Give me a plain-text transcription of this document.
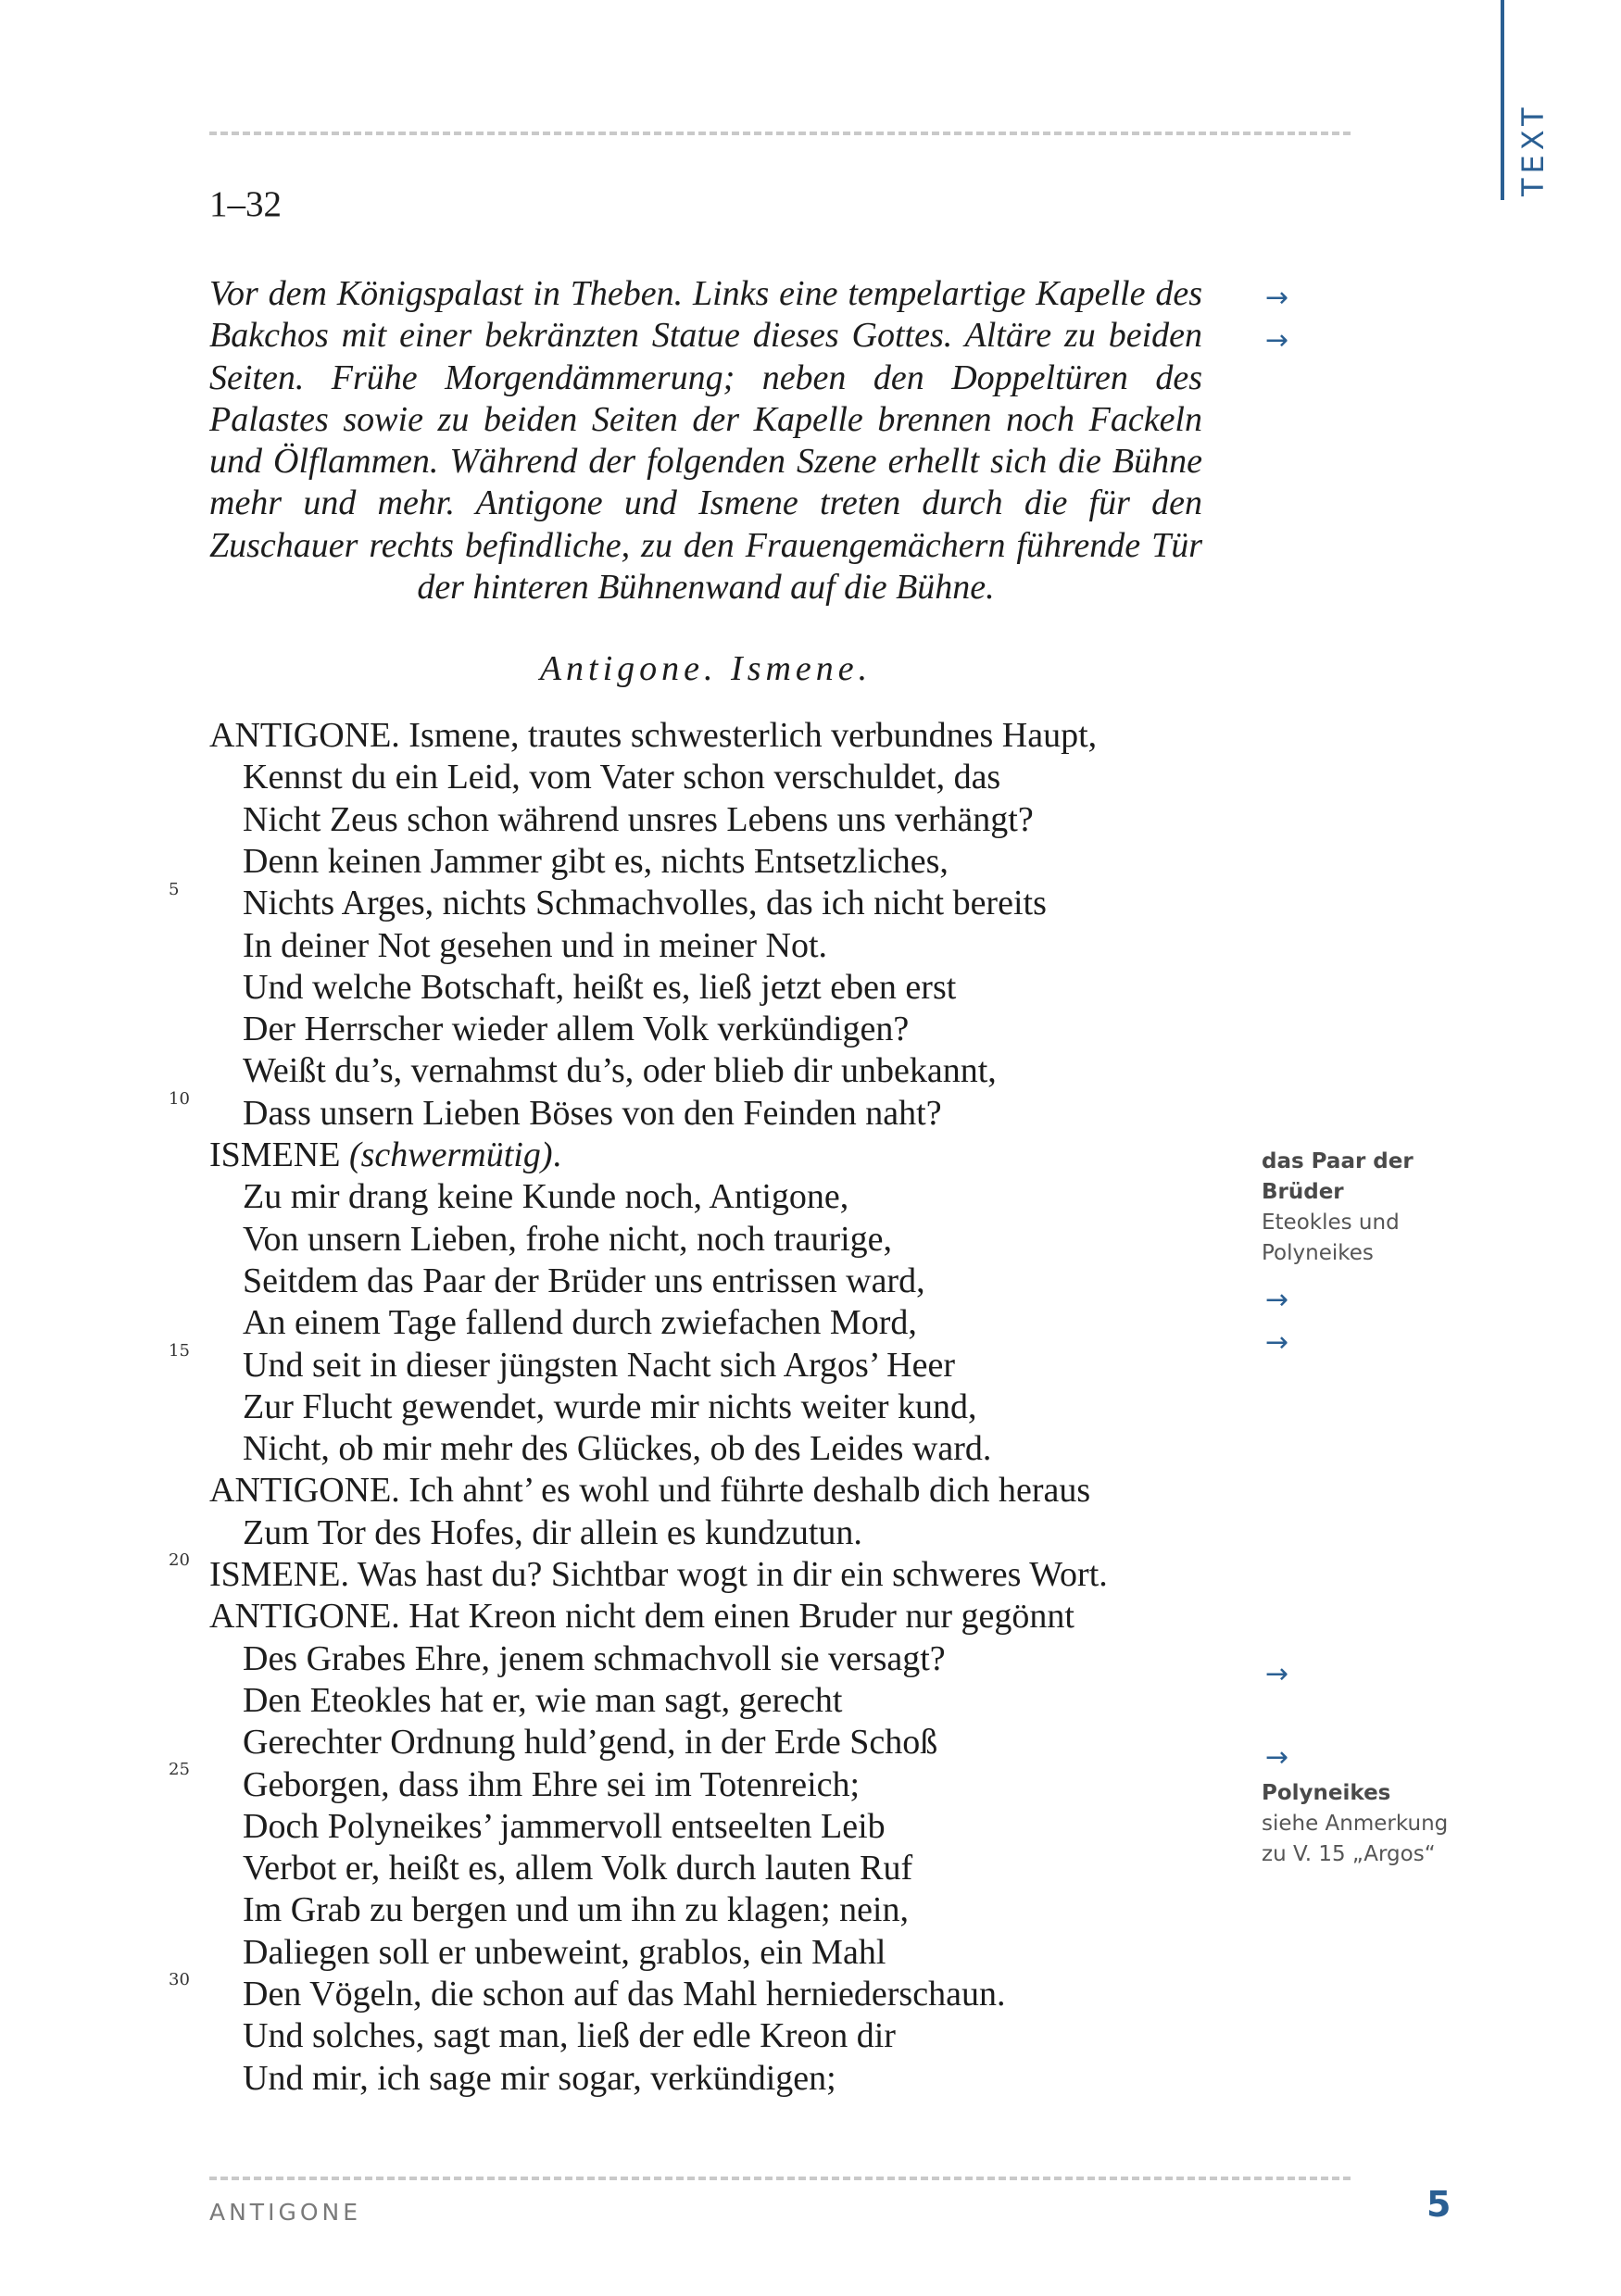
TEXT
1–32
Vor dem Königspalast in Theben. Links eine tempelartige Kapelle des Bakchos mit einer bekränzten Statue dieses Gottes. Altäre zu beiden Seiten. Frühe Morgendämmerung; neben den Doppeltüren des Palastes sowie zu beiden Seiten der Kapelle brennen noch Fackeln und Ölflammen. Während der folgenden Szene erhellt sich die Bühne mehr und mehr. Antigone und Ismene treten durch die für den Zuschauer rechts befindliche, zu den Frauengemächern führende Tür der hinteren Bühnenwand auf die Bühne.
Antigone. Ismene.
ANTIGONE. Ismene, trautes schwesterlich verbundnes Haupt,
Kennst du ein Leid, vom Vater schon verschuldet, das
Nicht Zeus schon während unsres Lebens uns verhängt?
Denn keinen Jammer gibt es, nichts Entsetzliches,
Nichts Arges, nichts Schmachvolles, das ich nicht bereits
In deiner Not gesehen und in meiner Not.
Und welche Botschaft, heißt es, ließ jetzt eben erst
Der Herrscher wieder allem Volk verkündigen?
Weißt du’s, vernahmst du’s, oder blieb dir unbekannt,
Dass unsern Lieben Böses von den Feinden naht?
ISMENE (schwermütig).
Zu mir drang keine Kunde noch, Antigone,
Von unsern Lieben, frohe nicht, noch traurige,
Seitdem das Paar der Brüder uns entrissen ward,
An einem Tage fallend durch zwiefachen Mord,
Und seit in dieser jüngsten Nacht sich Argos’ Heer
Zur Flucht gewendet, wurde mir nichts weiter kund,
Nicht, ob mir mehr des Glückes, ob des Leides ward.
ANTIGONE. Ich ahnt’ es wohl und führte deshalb dich heraus
Zum Tor des Hofes, dir allein es kundzutun.
ISMENE. Was hast du? Sichtbar wogt in dir ein schweres Wort.
ANTIGONE. Hat Kreon nicht dem einen Bruder nur gegönnt
Des Grabes Ehre, jenem schmachvoll sie versagt?
Den Eteokles hat er, wie man sagt, gerecht
Gerechter Ordnung huld’gend, in der Erde Schoß
Geborgen, dass ihm Ehre sei im Totenreich;
Doch Polyneikes’ jammervoll entseelten Leib
Verbot er, heißt es, allem Volk durch lauten Ruf
Im Grab zu bergen und um ihn zu klagen; nein,
Daliegen soll er unbeweint, grablos, ein Mahl
Den Vögeln, die schon auf das Mahl herniederschaun.
Und solches, sagt man, ließ der edle Kreon dir
Und mir, ich sage mir sogar, verkündigen;
5
10
15
20
25
30
→
→
→
→
→
→
das Paar der Brüder
Eteokles und Polyneikes
Polyneikes
siehe Anmerkung zu V. 15 „Argos“
ANTIGONE	5
